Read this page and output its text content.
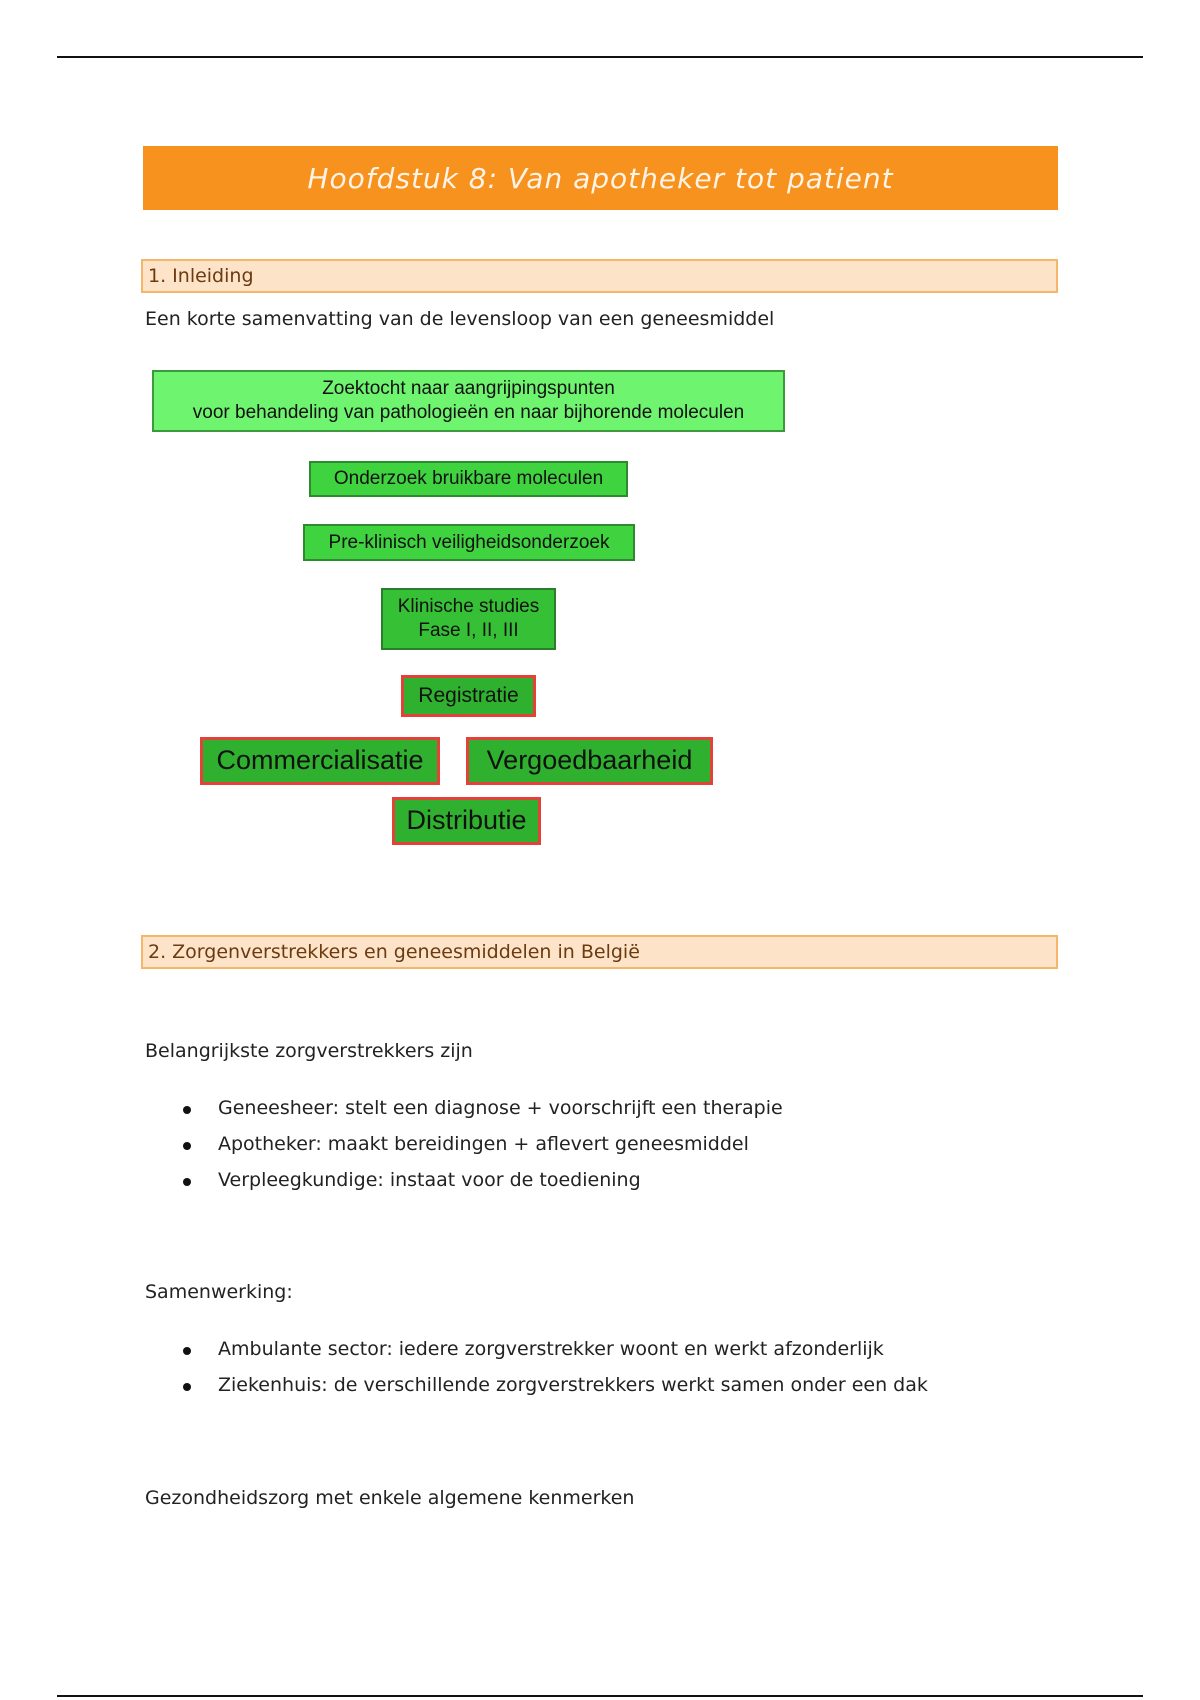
Hoofdstuk 8: Van apotheker tot patient
1. Inleiding
Een korte samenvatting van de levensloop van een geneesmiddel
Zoektocht naar aangrijpingspunten
voor behandeling van pathologieën en naar bijhorende moleculen
Onderzoek bruikbare moleculen
Pre-klinisch veiligheidsonderzoek
Klinische studies
Fase I, II, III
Registratie
Commercialisatie	Vergoedbaarheid
Distributie
2. Zorgenverstrekkers en geneesmiddelen in België
Belangrijkste zorgverstrekkers zijn
Geneesheer: stelt een diagnose + voorschrijft een therapie
Apotheker: maakt bereidingen + aflevert geneesmiddel
Verpleegkundige: instaat voor de toediening
Samenwerking:
Ambulante sector: iedere zorgverstrekker woont en werkt afzonderlijk
Ziekenhuis: de verschillende zorgverstrekkers werkt samen onder een dak
Gezondheidszorg met enkele algemene kenmerken
